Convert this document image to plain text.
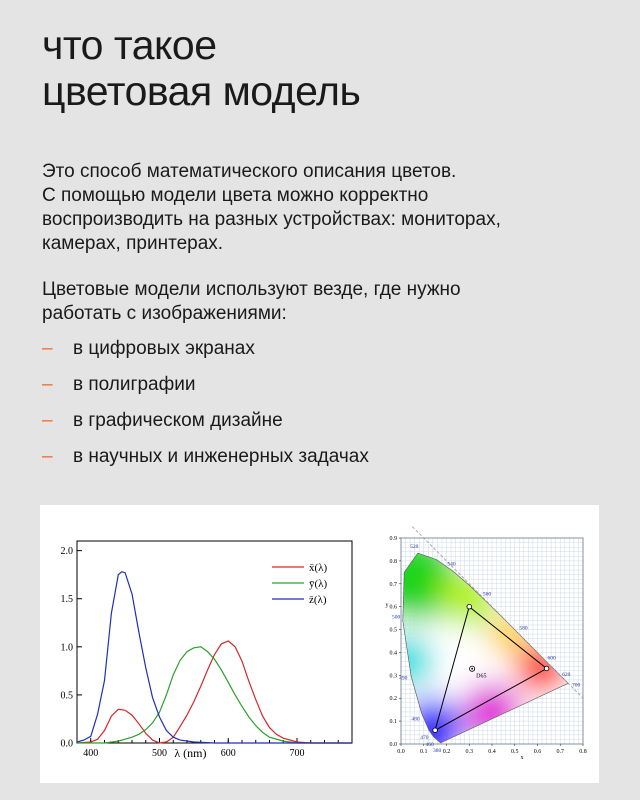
что такое
цветовая модель

Это способ математического описания цветов.
С помощью модели цвета можно корректно
воспроизводить на разных устройствах: мониторах,
камерах, принтерах.

Цветовые модели используют везде, где нужно
работать с изображениями:

–	в цифровых экранах
–	в полиграфии
–	в графическом дизайне
–	в научных и инженерных задачах
400	500	600	700
0.0
0.5
1.0
1.5
2.0
λ (nm)
x̄(λ)
ȳ(λ)
z̄(λ)
D65
380
460
470
480
490
500
520
540
560
580
600
620
700
0.0	0.1	0.2	0.3	0.4	0.5	0.6	0.7	0.8
0.0
0.1
0.2
0.3
0.4
0.5
0.6
0.7
0.8
0.9
x
y
